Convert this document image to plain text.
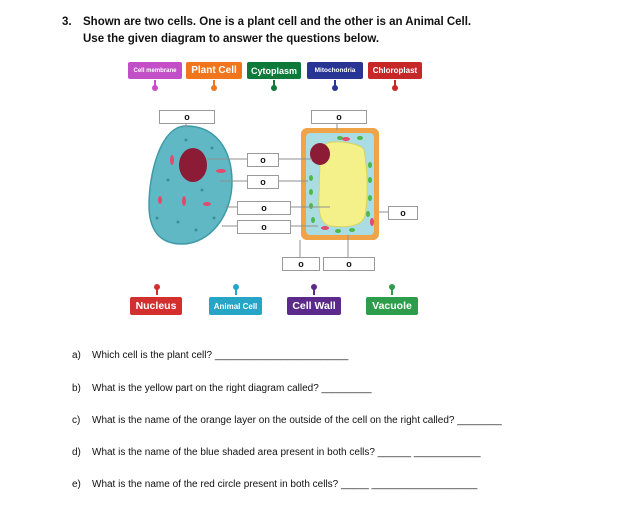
3. Shown are two cells. One is a plant cell and the other is an Animal Cell.
Use the given diagram to answer the questions below.
Cell membrane Plant Cell Cytoplasm	Mitochondria Chloroplast
o	o
o
o
o
o
o
o	o
Nucleus	Animal Cell	Cell Wall	Vacuole
a) Which cell is the plant cell? ________________________
b) What is the yellow part on the right diagram called? _________
c) What is the name of the orange layer on the outside of the cell on the right called? ________
d) What is the name of the blue shaded area present in both cells? ______ ____________
e) What is the name of the red circle present in both cells? _____ ___________________
